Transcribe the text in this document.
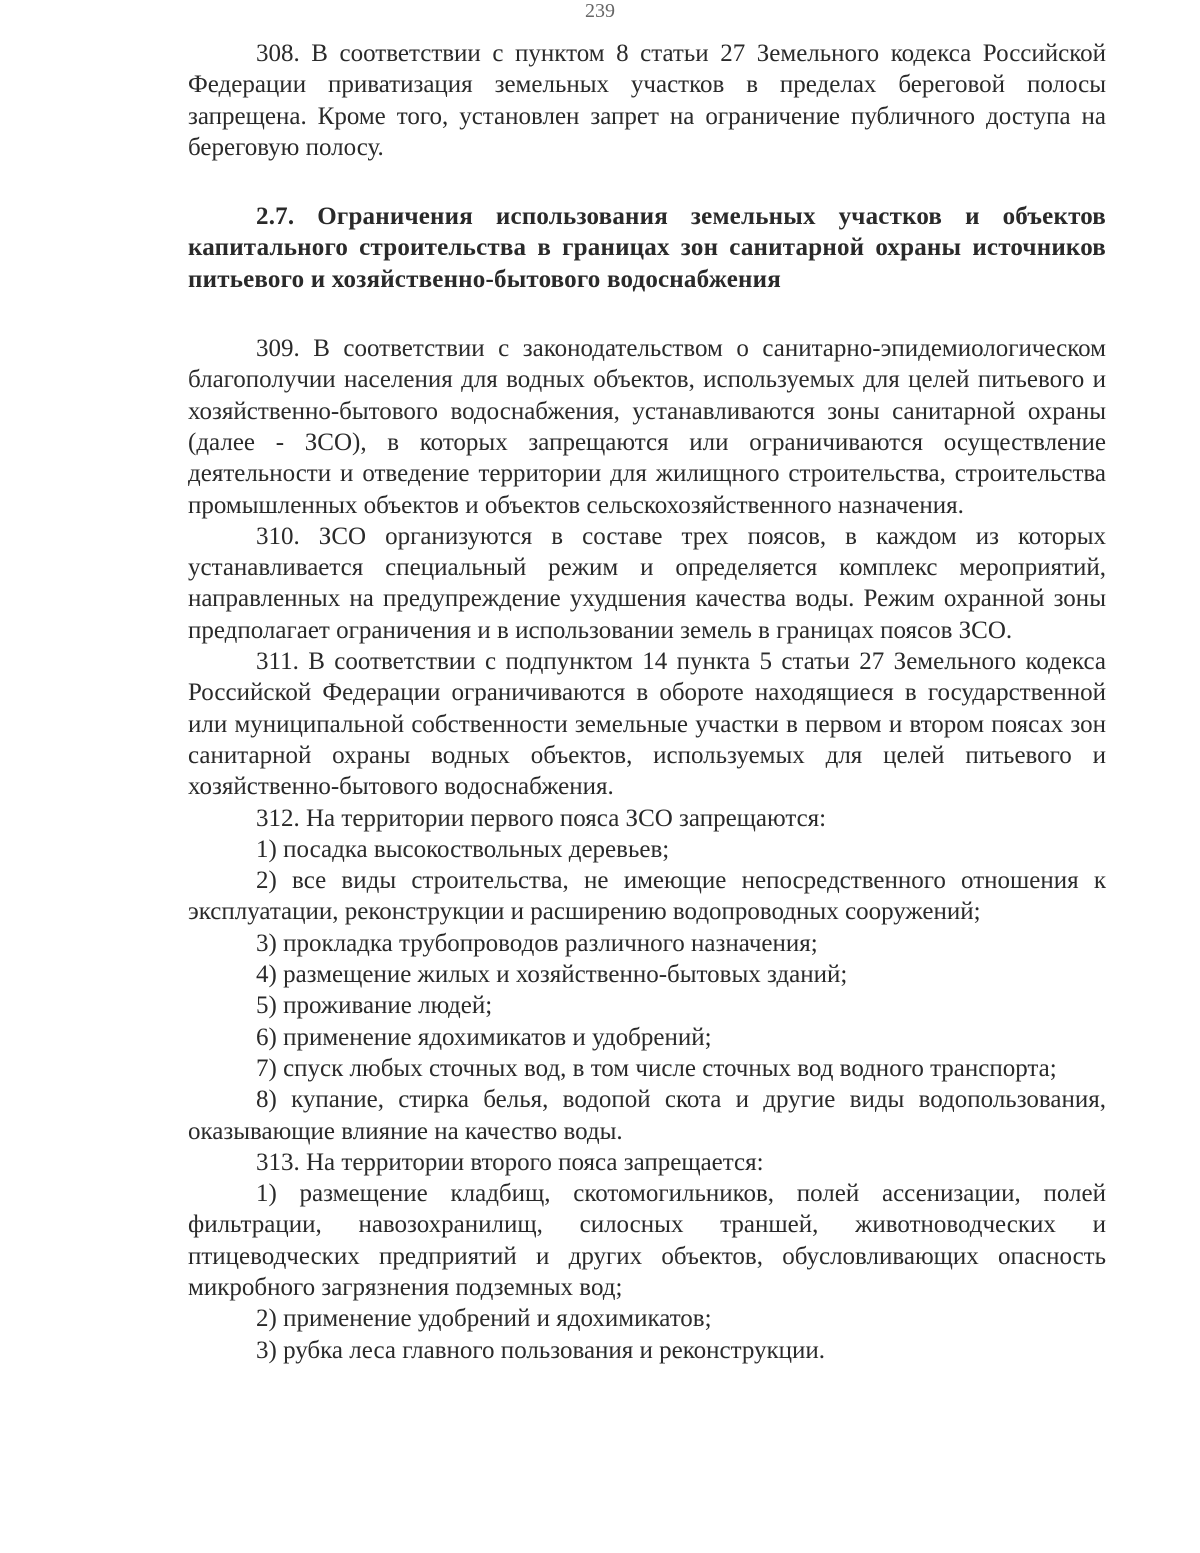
239

308. В соответствии с пунктом 8 статьи 27 Земельного кодекса Российской Федерации приватизация земельных участков в пределах береговой полосы запрещена. Кроме того, установлен запрет на ограничение публичного доступа на береговую полосу.

2.7. Ограничения использования земельных участков и объектов капитального строительства в границах зон санитарной охраны источников питьевого и хозяйственно-бытового водоснабжения

309. В соответствии с законодательством о санитарно-эпидемиологическом благополучии населения для водных объектов, используемых для целей питьевого и хозяйственно-бытового водоснабжения, устанавливаются зоны санитарной охраны (далее - ЗСО), в которых запрещаются или ограничиваются осуществление деятельности и отведение территории для жилищного строительства, строительства промышленных объектов и объектов сельскохозяйственного назначения.

310. ЗСО организуются в составе трех поясов, в каждом из которых устанавливается специальный режим и определяется комплекс мероприятий, направленных на предупреждение ухудшения качества воды. Режим охранной зоны предполагает ограничения и в использовании земель в границах поясов ЗСО.

311. В соответствии с подпунктом 14 пункта 5 статьи 27 Земельного кодекса Российской Федерации ограничиваются в обороте находящиеся в государственной или муниципальной собственности земельные участки в первом и втором поясах зон санитарной охраны водных объектов, используемых для целей питьевого и хозяйственно-бытового водоснабжения.

312. На территории первого пояса ЗСО запрещаются:

1) посадка высокоствольных деревьев;

2) все виды строительства, не имеющие непосредственного отношения к эксплуатации, реконструкции и расширению водопроводных сооружений;

3) прокладка трубопроводов различного назначения;

4) размещение жилых и хозяйственно-бытовых зданий;

5) проживание людей;

6) применение ядохимикатов и удобрений;

7) спуск любых сточных вод, в том числе сточных вод водного транспорта;

8) купание, стирка белья, водопой скота и другие виды водопользования, оказывающие влияние на качество воды.

313. На территории второго пояса запрещается:

1) размещение кладбищ, скотомогильников, полей ассенизации, полей фильтрации, навозохранилищ, силосных траншей, животноводческих и птицеводческих предприятий и других объектов, обусловливающих опасность микробного загрязнения подземных вод;

2) применение удобрений и ядохимикатов;

3) рубка леса главного пользования и реконструкции.
